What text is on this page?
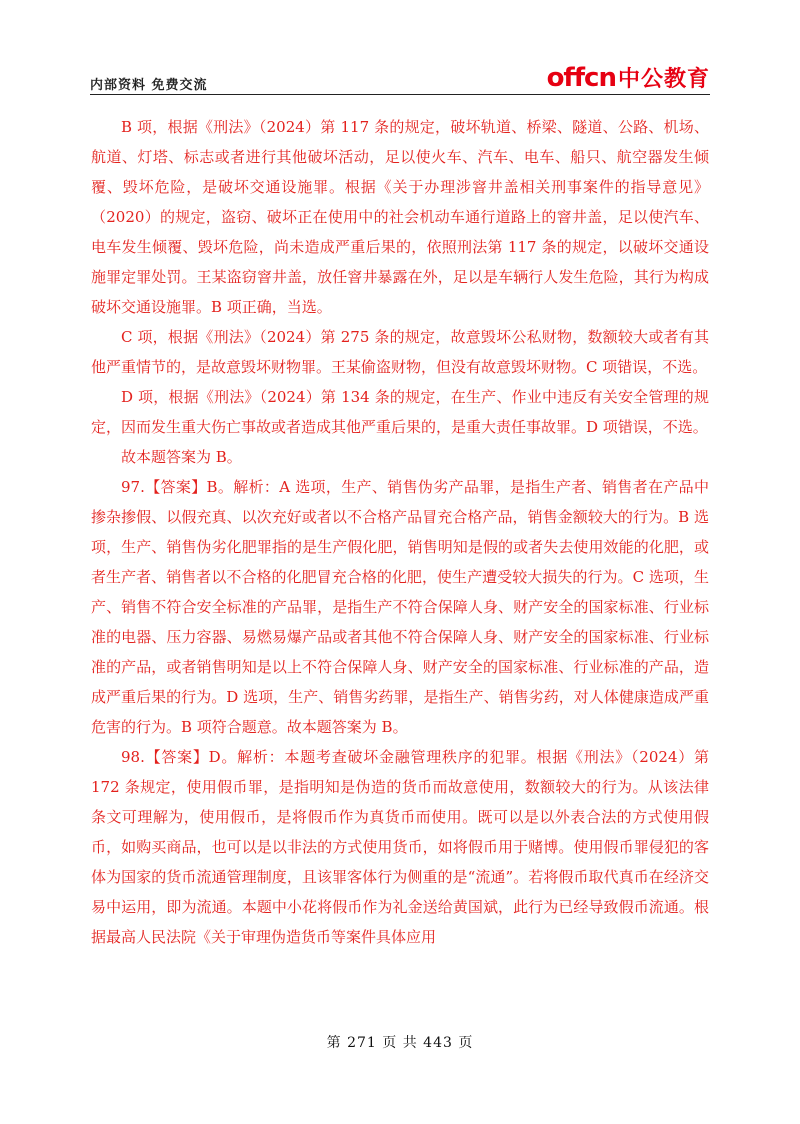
内部资料 免费交流	offcn 中公教育

B 项，根据《刑法》（2024）第 117 条的规定，破坏轨道、桥梁、隧道、公路、机场、航道、灯塔、标志或者进行其他破坏活动，足以使火车、汽车、电车、船只、航空器发生倾覆、毁坏危险，是破坏交通设施罪。根据《关于办理涉窨井盖相关刑事案件的指导意见》（2020）的规定，盗窃、破坏正在使用中的社会机动车通行道路上的窨井盖，足以使汽车、电车发生倾覆、毁坏危险，尚未造成严重后果的，依照刑法第 117 条的规定，以破坏交通设施罪定罪处罚。王某盗窃窨井盖，放任窨井暴露在外，足以是车辆行人发生危险，其行为构成破坏交通设施罪。B 项正确，当选。

C 项，根据《刑法》（2024）第 275 条的规定，故意毁坏公私财物，数额较大或者有其他严重情节的，是故意毁坏财物罪。王某偷盗财物，但没有故意毁坏财物。C 项错误，不选。

D 项，根据《刑法》（2024）第 134 条的规定，在生产、作业中违反有关安全管理的规定，因而发生重大伤亡事故或者造成其他严重后果的，是重大责任事故罪。D 项错误，不选。

故本题答案为 B。

97.【答案】B。解析：A 选项，生产、销售伪劣产品罪，是指生产者、销售者在产品中掺杂掺假、以假充真、以次充好或者以不合格产品冒充合格产品，销售金额较大的行为。B 选项，生产、销售伪劣化肥罪指的是生产假化肥，销售明知是假的或者失去使用效能的化肥，或者生产者、销售者以不合格的化肥冒充合格的化肥，使生产遭受较大损失的行为。C 选项，生产、销售不符合安全标准的产品罪，是指生产不符合保障人身、财产安全的国家标准、行业标准的电器、压力容器、易燃易爆产品或者其他不符合保障人身、财产安全的国家标准、行业标准的产品，或者销售明知是以上不符合保障人身、财产安全的国家标准、行业标准的产品，造成严重后果的行为。D 选项，生产、销售劣药罪，是指生产、销售劣药，对人体健康造成严重危害的行为。B 项符合题意。故本题答案为 B。

98.【答案】D。解析：本题考查破坏金融管理秩序的犯罪。根据《刑法》（2024）第 172 条规定，使用假币罪，是指明知是伪造的货币而故意使用，数额较大的行为。从该法律条文可理解为，使用假币，是将假币作为真货币而使用。既可以是以外表合法的方式使用假币，如购买商品，也可以是以非法的方式使用货币，如将假币用于赌博。使用假币罪侵犯的客体为国家的货币流通管理制度，且该罪客体行为侧重的是“流通”。若将假币取代真币在经济交易中运用，即为流通。本题中小花将假币作为礼金送给黄国斌，此行为已经导致假币流通。根据最高人民法院《关于审理伪造货币等案件具体应用

第 271 页 共 443 页
